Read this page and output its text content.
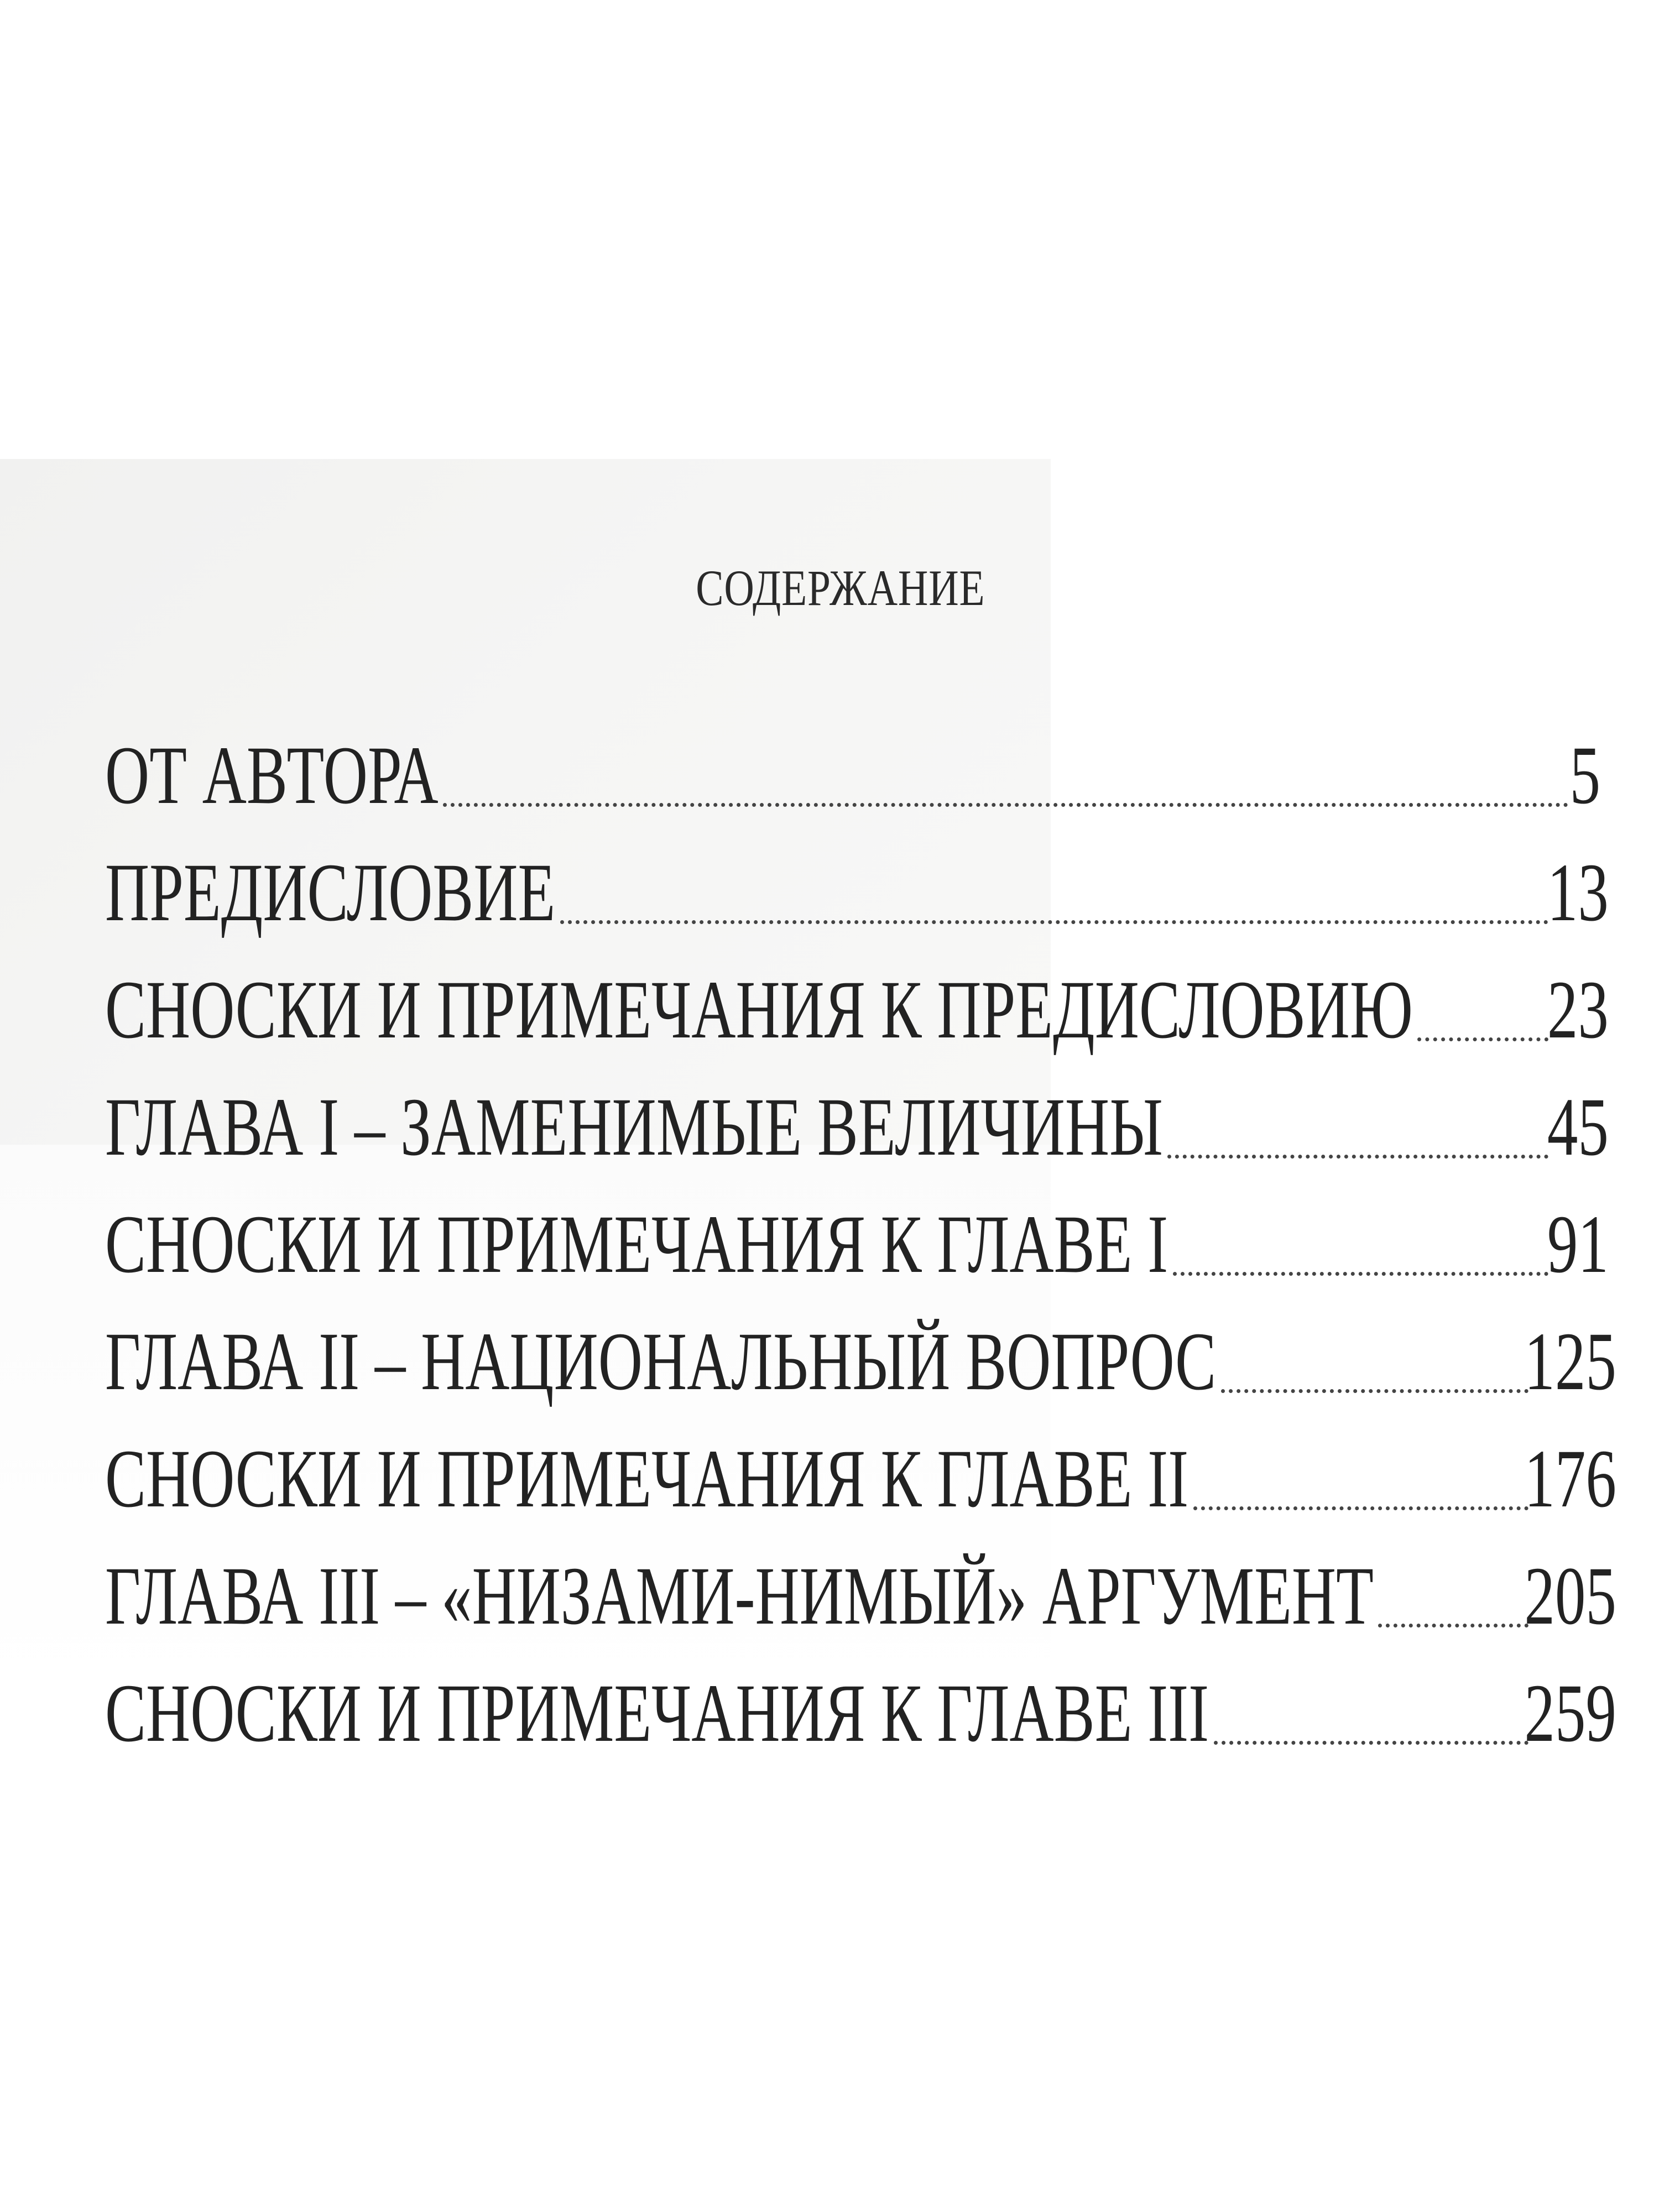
СОДЕРЖАНИЕ
ОТ АВТОРА	5
ПРЕДИСЛОВИЕ	13
СНОСКИ И ПРИМЕЧАНИЯ К ПРЕДИСЛОВИЮ 23
ГЛАВА I – ЗАМЕНИМЫЕ ВЕЛИЧИНЫ	45
СНОСКИ И ПРИМЕЧАНИЯ К ГЛАВЕ I	91
ГЛАВА II – НАЦИОНАЛЬНЫЙ ВОПРОС	125
СНОСКИ И ПРИМЕЧАНИЯ К ГЛАВЕ II	176
ГЛАВА III – «НИЗАМИ-НИМЫЙ» АРГУМЕНТ 205
СНОСКИ И ПРИМЕЧАНИЯ К ГЛАВЕ III	259
